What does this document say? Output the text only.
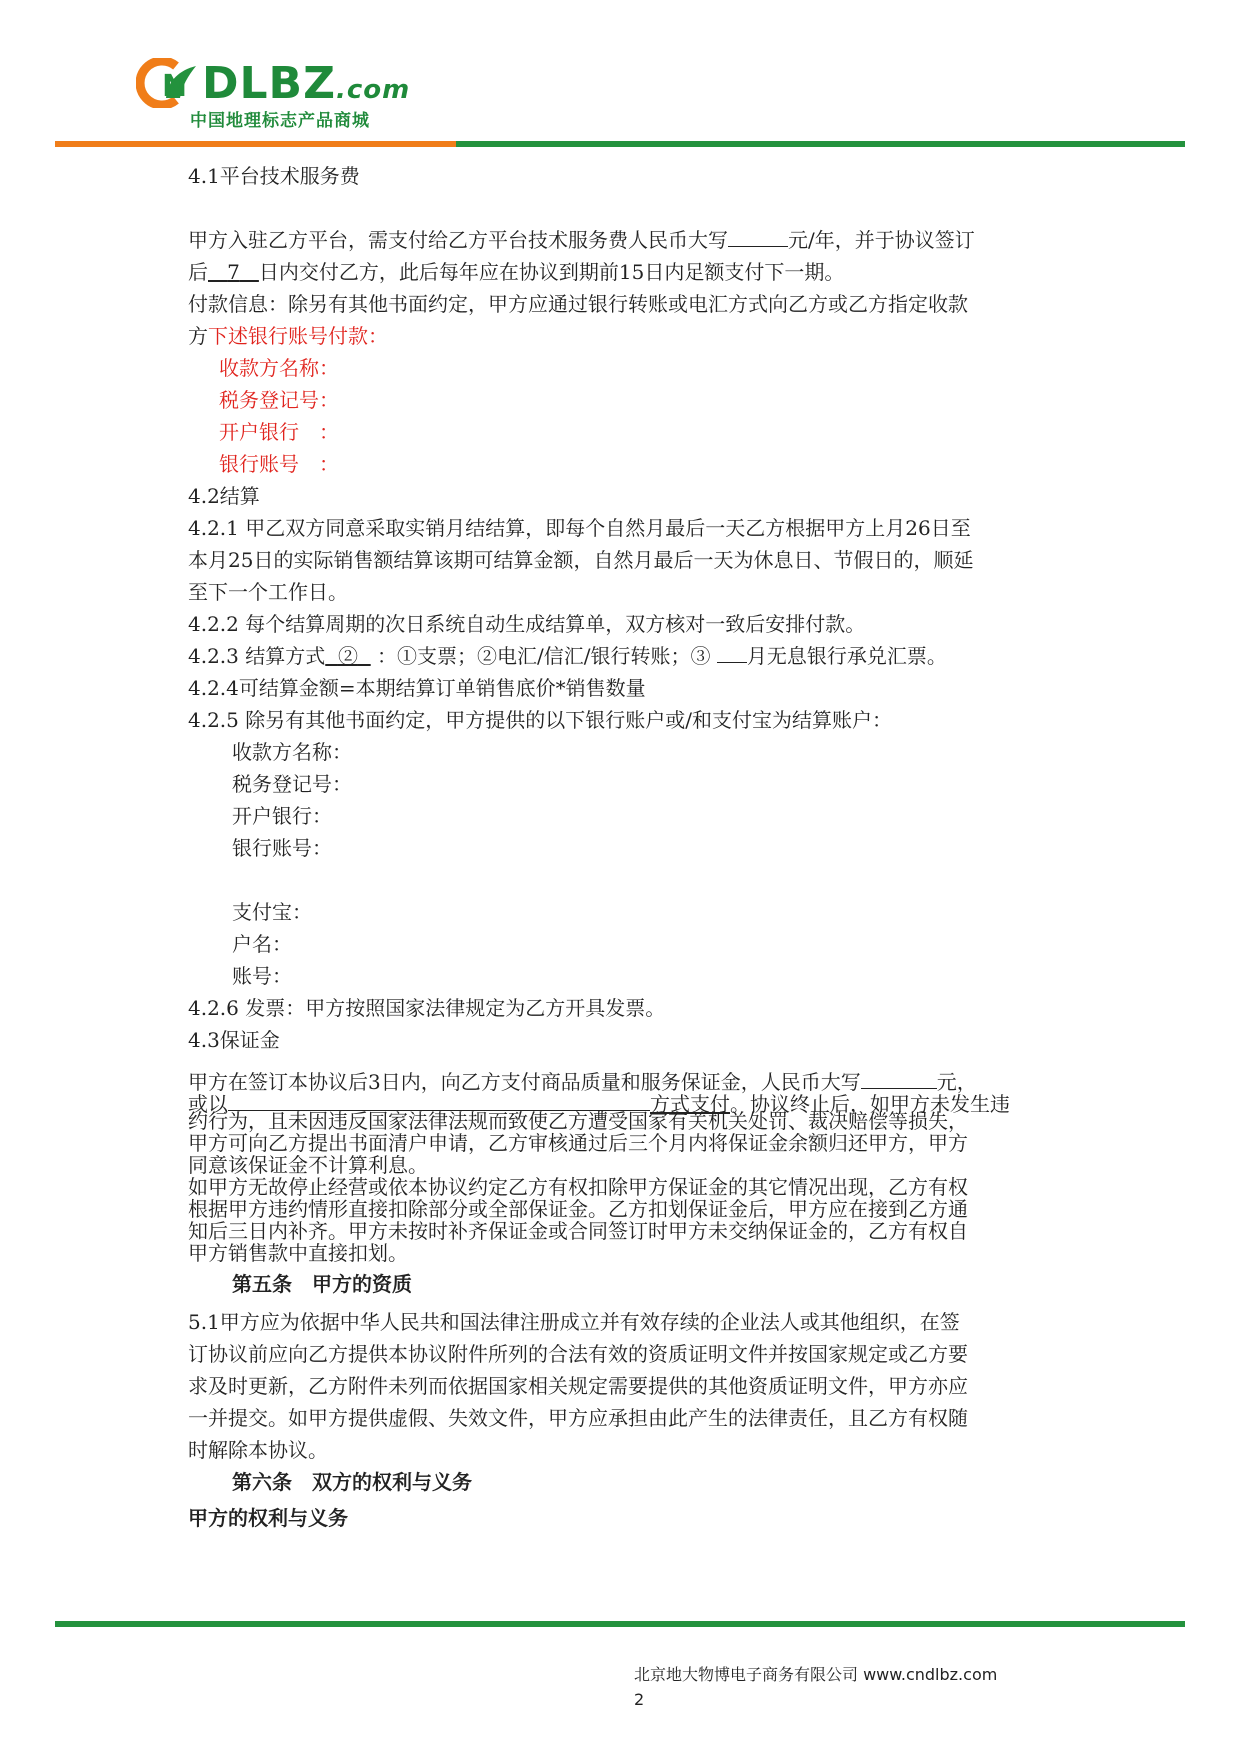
N DLBZ.com
中国地理标志产品商城
4.1平台技术服务费
甲方入驻乙方平台，需支付给乙方平台技术服务费人民币大写	元/年，并于协议签订
后 7 日内交付乙方，此后每年应在协议到期前15日内足额支付下一期。
付款信息：除另有其他书面约定，甲方应通过银行转账或电汇方式向乙方或乙方指定收款
方下述银行账号付款：
收款方名称：
税务登记号：
开户银行　：
银行账号　：
4.2结算
4.2.1 甲乙双方同意采取实销月结结算，即每个自然月最后一天乙方根据甲方上月26日至
本月25日的实际销售额结算该期可结算金额，自然月最后一天为休息日、节假日的，顺延
至下一个工作日。
4.2.2 每个结算周期的次日系统自动生成结算单，双方核对一致后安排付款。
4.2.3 结算方式 ② ：①支票；②电汇/信汇/银行转账；③ 月无息银行承兑汇票。
4.2.4可结算金额=本期结算订单销售底价*销售数量
4.2.5 除另有其他书面约定，甲方提供的以下银行账户或/和支付宝为结算账户：
收款方名称：
税务登记号：
开户银行：
银行账号：
支付宝：
户名：
账号：
4.2.6 发票：甲方按照国家法律规定为乙方开具发票。
4.3保证金
甲方在签订本协议后3日内，向乙方支付商品质量和服务保证金，人民币大写	元，
或以	方式支付。协议终止后，如甲方未发生违
约行为，且未因违反国家法律法规而致使乙方遭受国家有关机关处罚、裁决赔偿等损失，
甲方可向乙方提出书面清户申请，乙方审核通过后三个月内将保证金余额归还甲方，甲方
同意该保证金不计算利息。
如甲方无故停止经营或依本协议约定乙方有权扣除甲方保证金的其它情况出现，乙方有权
根据甲方违约情形直接扣除部分或全部保证金。乙方扣划保证金后，甲方应在接到乙方通
知后三日内补齐。甲方未按时补齐保证金或合同签订时甲方未交纳保证金的，乙方有权自
甲方销售款中直接扣划。
第五条　甲方的资质
5.1甲方应为依据中华人民共和国法律注册成立并有效存续的企业法人或其他组织，在签
订协议前应向乙方提供本协议附件所列的合法有效的资质证明文件并按国家规定或乙方要
求及时更新，乙方附件未列而依据国家相关规定需要提供的其他资质证明文件，甲方亦应
一并提交。如甲方提供虚假、失效文件，甲方应承担由此产生的法律责任，且乙方有权随
时解除本协议。
第六条　双方的权利与义务
甲方的权利与义务
北京地大物博电子商务有限公司 www.cndlbz.com
2
